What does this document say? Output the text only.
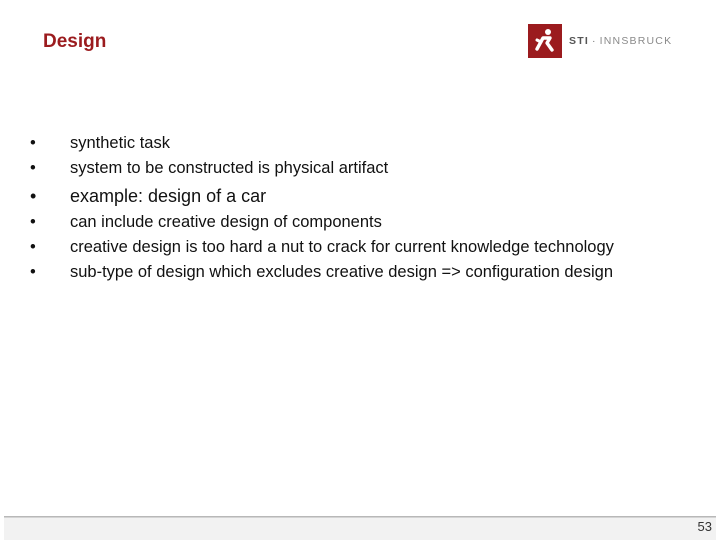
Design	STI · INNSBRUCK
•	synthetic task
•	system to be constructed is physical artifact
•	example: design of a car
•	can include creative design of components
•	creative design is too hard a nut to crack for current knowledge technology
•	sub-type of design which excludes creative design => configuration design
53
